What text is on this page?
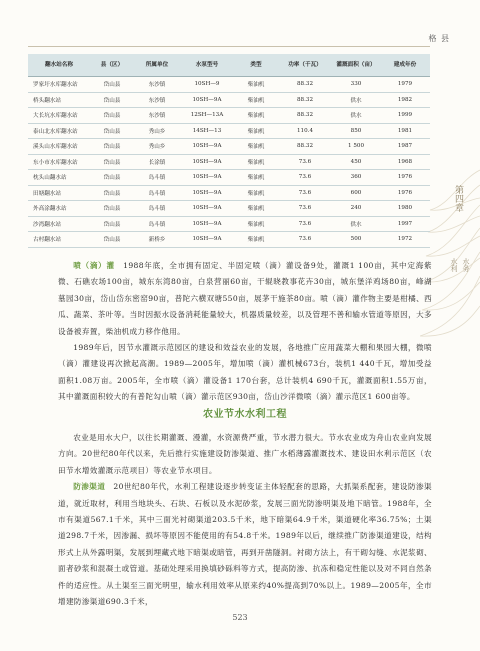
格 县
第四章
水利 水务
翻水站名称	县（区）	所属单位	水泵型号	类型	功率（千瓦）	灌溉面积（亩）	建成年份
罗家圩水库翻水站	岱山县	东沙镇	10SH—9	柴油机	88.32	330	1979
桥头翻水站	岱山县	东沙镇	10SH—9A	柴油机	88.32	供水	1982
大长坑水库翻水站	岱山县	东沙镇	12SH—13A	柴油机	88.32	供水	1999
泰山北水库翻水站	岱山县	秀山乡	14SH—13	柴油机	110.4	850	1981
溪头山水库翻水站	岱山县	秀山乡	10SH—9A	柴油机	88.32	1 500	1987
东小市水库翻水站	岱山县	长涂镇	10SH—9A	柴油机	73.6	450	1968
枕头山翻水站	岱山县	岛斗镇	10SH—9A	柴油机	73.6	360	1976
田塘翻水站	岱山县	岛斗镇	10SH—9A	柴油机	73.6	600	1976
外高涂翻水站	岱山县	岛斗镇	10SH—9A	柴油机	73.6	240	1980
沙湾翻水站	岱山县	岛斗镇	10SH—9A	柴油机	73.6	供水	1997
古村翻水站	岱山县	新桥乡	10SH—9A	柴油机	73.6	500	1972

喷（滴）灌　1988年底，全市拥有固定、半固定喷（滴）灌设备9处，灌溉1 100亩，其中定海紫微、石礁农场100亩，城东东湾80亩，白泉营丽60亩，干辊晓教事花卉30亩，城东堡洋鸡场80亩，峰湖墓园30亩，岱山岱东密窑90亩，普陀六横双塘550亩，展茅干施茶80亩。喷（滴）灌作物主要是柑橘、西瓜、蔬菜、茶叶等。当时因振水设备消耗能量较大，机器质量较差，以及管理不善和输水管道等原因，大多设备被弃置，柴油机成力移作他用。

1989年后，因节水灌溉示范园区的建设和效益农业的发展，各地推广应用蔬菜大棚和果园大棚，微喷（滴）灌建设再次掀起高潮。1989—2005年，增加喷（滴）灌机械673台，装机1 440千瓦，增加受益面积1.08万亩。2005年，全市喷（滴）灌设备1 170台套，总计装机4 690千瓦，灌溉面积1.55万亩，其中灌溉面积较大的有普陀勾山喷（滴）灌示范区930亩，岱山沙洋微喷（滴）灌示范区1 600亩等。

农业节水水利工程

农业是用水大户，以往长期灌溉、漫灌，水资源费严重，节水潜力很大。节水农业成为舟山农业向发展方向。20世纪80年代以来，先后推行实施建设防渗渠道、推广水稻薄露灌溉技术、建设田水利示范区（农田节水增效灌溉示范项目）等农业节水项目。

防渗渠道　20世纪80年代，水利工程建设逐步转变证主体轻配套的思路，大抓渠系配套，建设防渗渠道，就近取材，利用当地块头、石块、石板以及水泥砂浆，发展三面光防渗明渠及地下暗管。1988年，全市有渠道567.1千米，其中三面光衬砌渠道203.5千米，地下暗渠64.9千米，渠道硬化率36.75%；土渠道298.7千米，因渗漏、损坏等原因不能使用的有54.8千米。1989年以后，继续推广防渗渠道建设，结构形式上从外露明渠，发展到埋藏式地下暗渠或暗管，再到开凿隧洞。衬砌方法上，有干砌勾缝、水泥浆砌、面者砂浆和混凝土或管道。基础处理采用换填砂砾料等方式，提高防渗、抗冻和稳定性能以及对不同自然条件的适应性。从土渠至三面光明里，输水利用效率从原来约40%提高到70%以上。1989—2005年，全市增建防渗渠道690.3千米，

523
